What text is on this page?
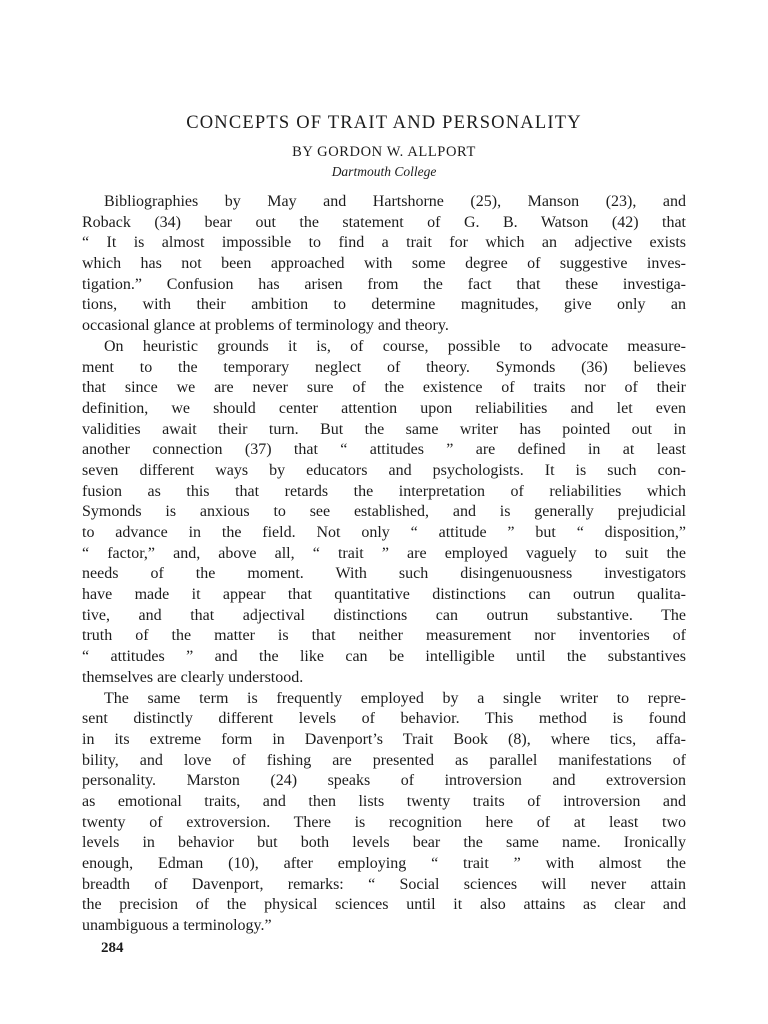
CONCEPTS OF TRAIT AND PERSONALITY
BY GORDON W. ALLPORT
Dartmouth College
Bibliographies by May and Hartshorne (25), Manson (23), and
Roback (34) bear out the statement of G. B. Watson (42) that
“ It is almost impossible to find a trait for which an adjective exists
which has not been approached with some degree of suggestive inves-
tigation.” Confusion has arisen from the fact that these investiga-
tions, with their ambition to determine magnitudes, give only an
occasional glance at problems of terminology and theory.
On heuristic grounds it is, of course, possible to advocate measure-
ment to the temporary neglect of theory. Symonds (36) believes
that since we are never sure of the existence of traits nor of their
definition, we should center attention upon reliabilities and let even
validities await their turn. But the same writer has pointed out in
another connection (37) that “ attitudes ” are defined in at least
seven different ways by educators and psychologists. It is such con-
fusion as this that retards the interpretation of reliabilities which
Symonds is anxious to see established, and is generally prejudicial
to advance in the field. Not only “ attitude ” but “ disposition,”
“ factor,” and, above all, “ trait ” are employed vaguely to suit the
needs of the moment. With such disingenuousness investigators
have made it appear that quantitative distinctions can outrun qualita-
tive, and that adjectival distinctions can outrun substantive. The
truth of the matter is that neither measurement nor inventories of
“ attitudes ” and the like can be intelligible until the substantives
themselves are clearly understood.
The same term is frequently employed by a single writer to repre-
sent distinctly different levels of behavior. This method is found
in its extreme form in Davenport’s Trait Book (8), where tics, affa-
bility, and love of fishing are presented as parallel manifestations of
personality. Marston (24) speaks of introversion and extroversion
as emotional traits, and then lists twenty traits of introversion and
twenty of extroversion. There is recognition here of at least two
levels in behavior but both levels bear the same name. Ironically
enough, Edman (10), after employing “ trait ” with almost the
breadth of Davenport, remarks: “ Social sciences will never attain
the precision of the physical sciences until it also attains as clear and
unambiguous a terminology.”
284
